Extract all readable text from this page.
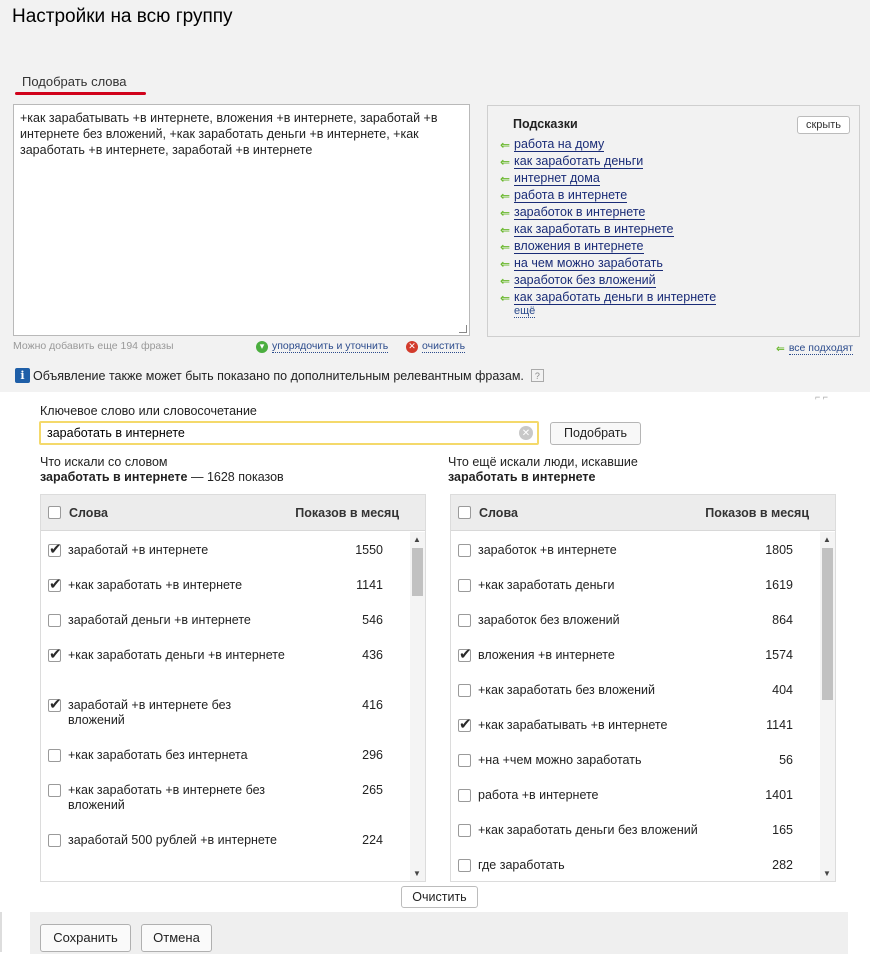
Настройки на всю группу
Подобрать слова
+как зарабатывать +в интернете, вложения +в интернете, заработай +в интернете без вложений, +как заработать деньги +в интернете, +как заработать +в интернете, заработай +в интернете
Можно добавить еще 194 фразы	▾ упорядочить и уточнить ✕ очистить
Подсказки	скрыть
⇐ работа на дому
⇐ как заработать деньги
⇐ интернет дома
⇐ работа в интернете
⇐ заработок в интернете
⇐ как заработать в интернете
⇐ вложения в интернете
⇐ на чем можно заработать
⇐ заработок без вложений
⇐ как заработать деньги в интернете
ещё
⇐ все подходят
i Объявление также может быть показано по дополнительным релевантным фразам.	?
⌐ ⌐
Ключевое слово или словосочетание
заработать в интернете	✕	Подобрать
Что искали со словом
заработать в интернете — 1628 показов
Что ещё искали люди, искавшие
заработать в интернете
Слова	Показов в месяц
✔
заработай +в интернете	1550
✔
+как заработать +в интернете	1141
заработай деньги +в интернете	546
✔
+как заработать деньги +в интернете	436
✔
заработай +в интернете без вложений
416
+как заработать без интернета	296
+как заработать +в интернете без вложений
265
заработай 500 рублей +в интернете	224
▲
▼
Слова	Показов в месяц
заработок +в интернете	1805
+как заработать деньги	1619
заработок без вложений	864
✔
вложения +в интернете	1574
+как заработать без вложений	404
✔
+как зарабатывать +в интернете	1141
+на +чем можно заработать	56
работа +в интернете	1401
+как заработать деньги без вложений	165
где заработать	282
▲
▼
Очистить
Сохранить	Отмена
